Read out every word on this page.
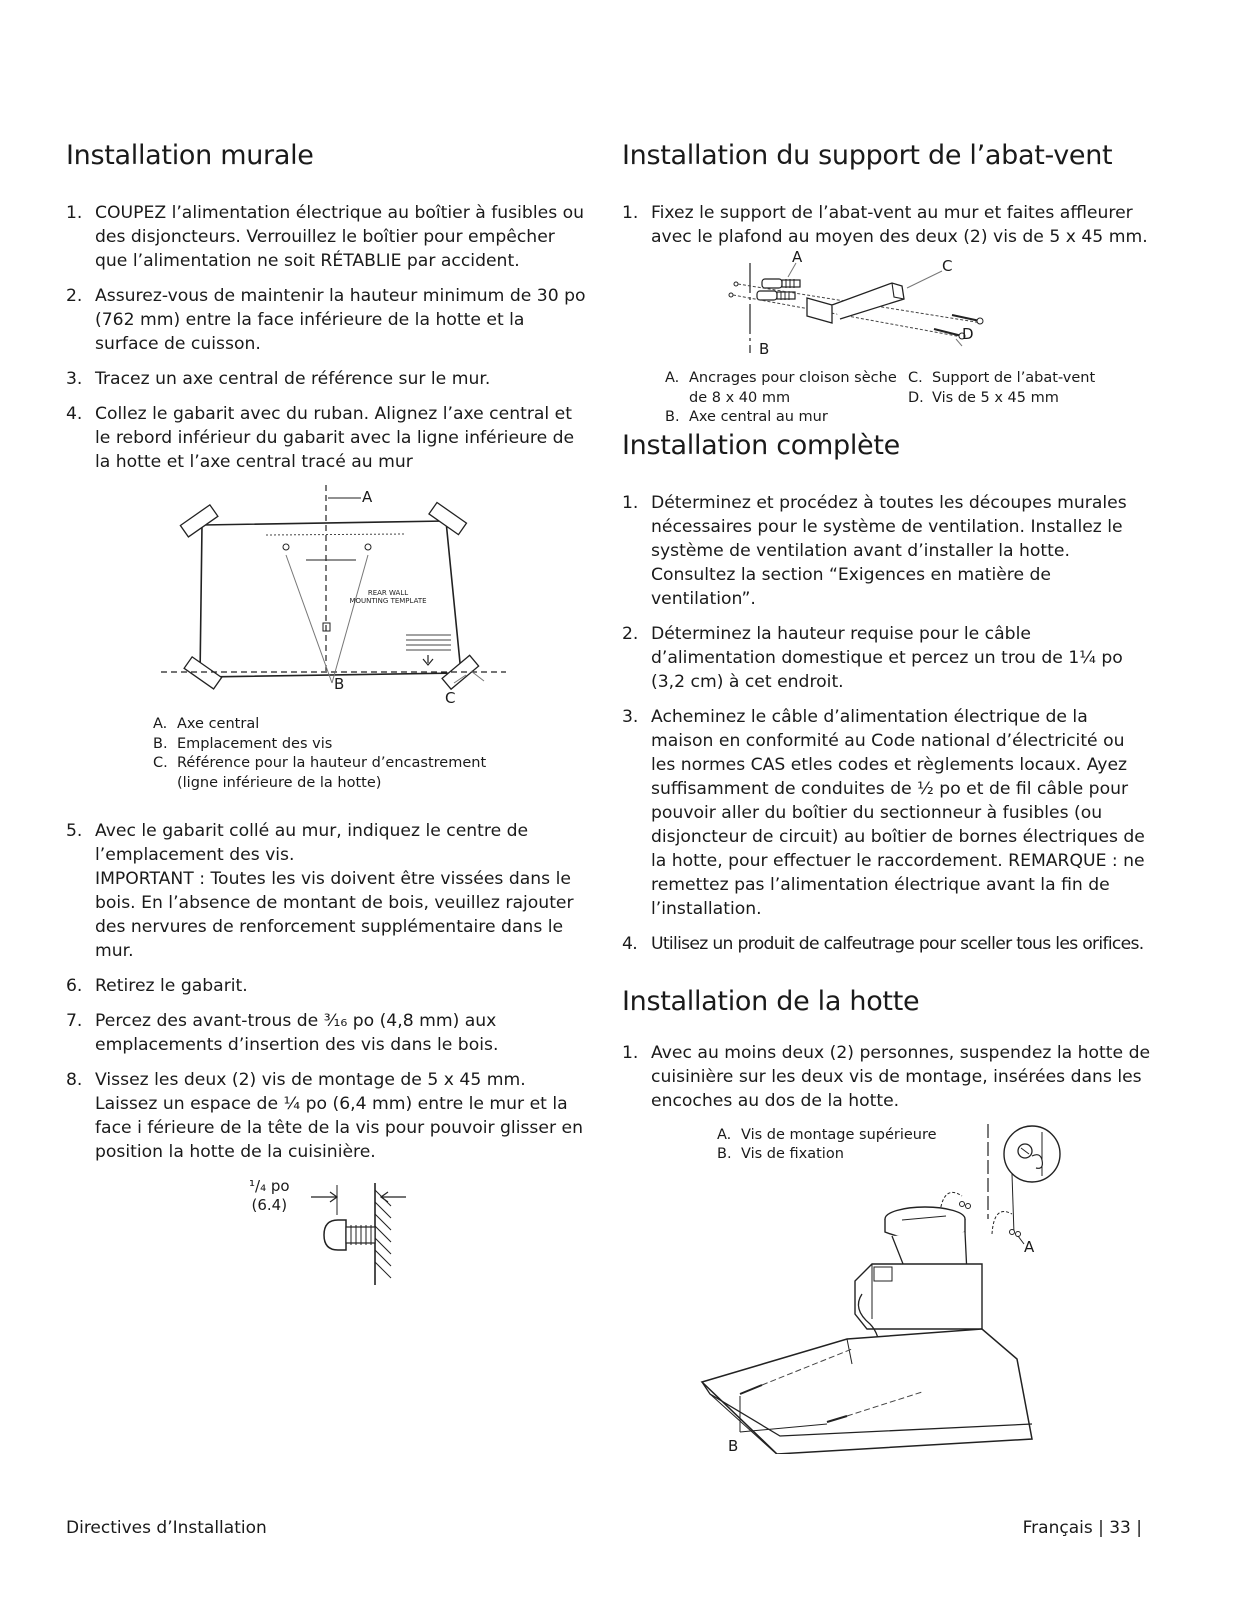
Installation murale
1. COUPEZ l’alimentation électrique au boîtier à fusibles ou des disjoncteurs. Verrouillez le boîtier pour empêcher que l’alimentation ne soit RÉTABLIE par accident.
2. Assurez-vous de maintenir la hauteur minimum de 30 po (762 mm) entre la face inférieure de la hotte et la surface de cuisson.
3. Tracez un axe central de référence sur le mur.
4. Collez le gabarit avec du ruban. Alignez l’axe central et le rebord inférieur du gabarit avec la ligne inférieure de la hotte et l’axe central tracé au mur
REAR WALL
MOUNTING TEMPLATE
A
B
C
A. Axe central
B. Emplacement des vis
C. Référence pour la hauteur d’encastrement
(ligne inférieure de la hotte)
5. Avec le gabarit collé au mur, indiquez le centre de l’emplacement des vis.
IMPORTANT : Toutes les vis doivent être vissées dans le bois. En l’absence de montant de bois, veuillez rajouter des nervures de renforcement supplémentaire dans le mur.
6. Retirez le gabarit.
7. Percez des avant-trous de ³⁄₁₆ po (4,8 mm) aux emplacements d’insertion des vis dans le bois.
8. Vissez les deux (2) vis de montage de 5 x 45 mm. Laissez un espace de ¼ po (6,4 mm) entre le mur et la face i férieure de la tête de la vis pour pouvoir glisser en position la hotte de la cuisinière.
¹/₄ po
(6.4)
Installation du support de l’abat-vent
1. Fixez le support de l’abat-vent au mur et faites affleurer avec le plafond au moyen des deux (2) vis de 5 x 45 mm.
A	C
D
B
A. Ancrages pour cloison sèche
de 8 x 40 mm
B. Axe central au mur
C. Support de l’abat-vent
D. Vis de 5 x 45 mm
Installation complète
1. Déterminez et procédez à toutes les découpes murales nécessaires pour le système de ventilation. Installez le système de ventilation avant d’installer la hotte. Consultez la section “Exigences en matière de ventilation”.
2. Déterminez la hauteur requise pour le câble d’alimentation domestique et percez un trou de 1¼ po (3,2 cm) à cet endroit.
3. Acheminez le câble d’alimentation électrique de la maison en conformité au Code national d’électricité ou les normes CAS etles codes et règlements locaux. Ayez suffisamment de conduites de ½ po et de fil câble pour pouvoir aller du boîtier du sectionneur à fusibles (ou disjoncteur de circuit) au boîtier de bornes électriques de la hotte, pour effectuer le raccordement. REMARQUE : ne remettez pas l’alimentation électrique avant la fin de l’installation.
4. Utilisez un produit de calfeutrage pour sceller tous les orifices.
Installation de la hotte
1. Avec au moins deux (2) personnes, suspendez la hotte de cuisinière sur les deux vis de montage, insérées dans les encoches au dos de la hotte.
A. Vis de montage supérieure
B. Vis de fixation
A
B
Directives d’Installation	Français | 33 |
